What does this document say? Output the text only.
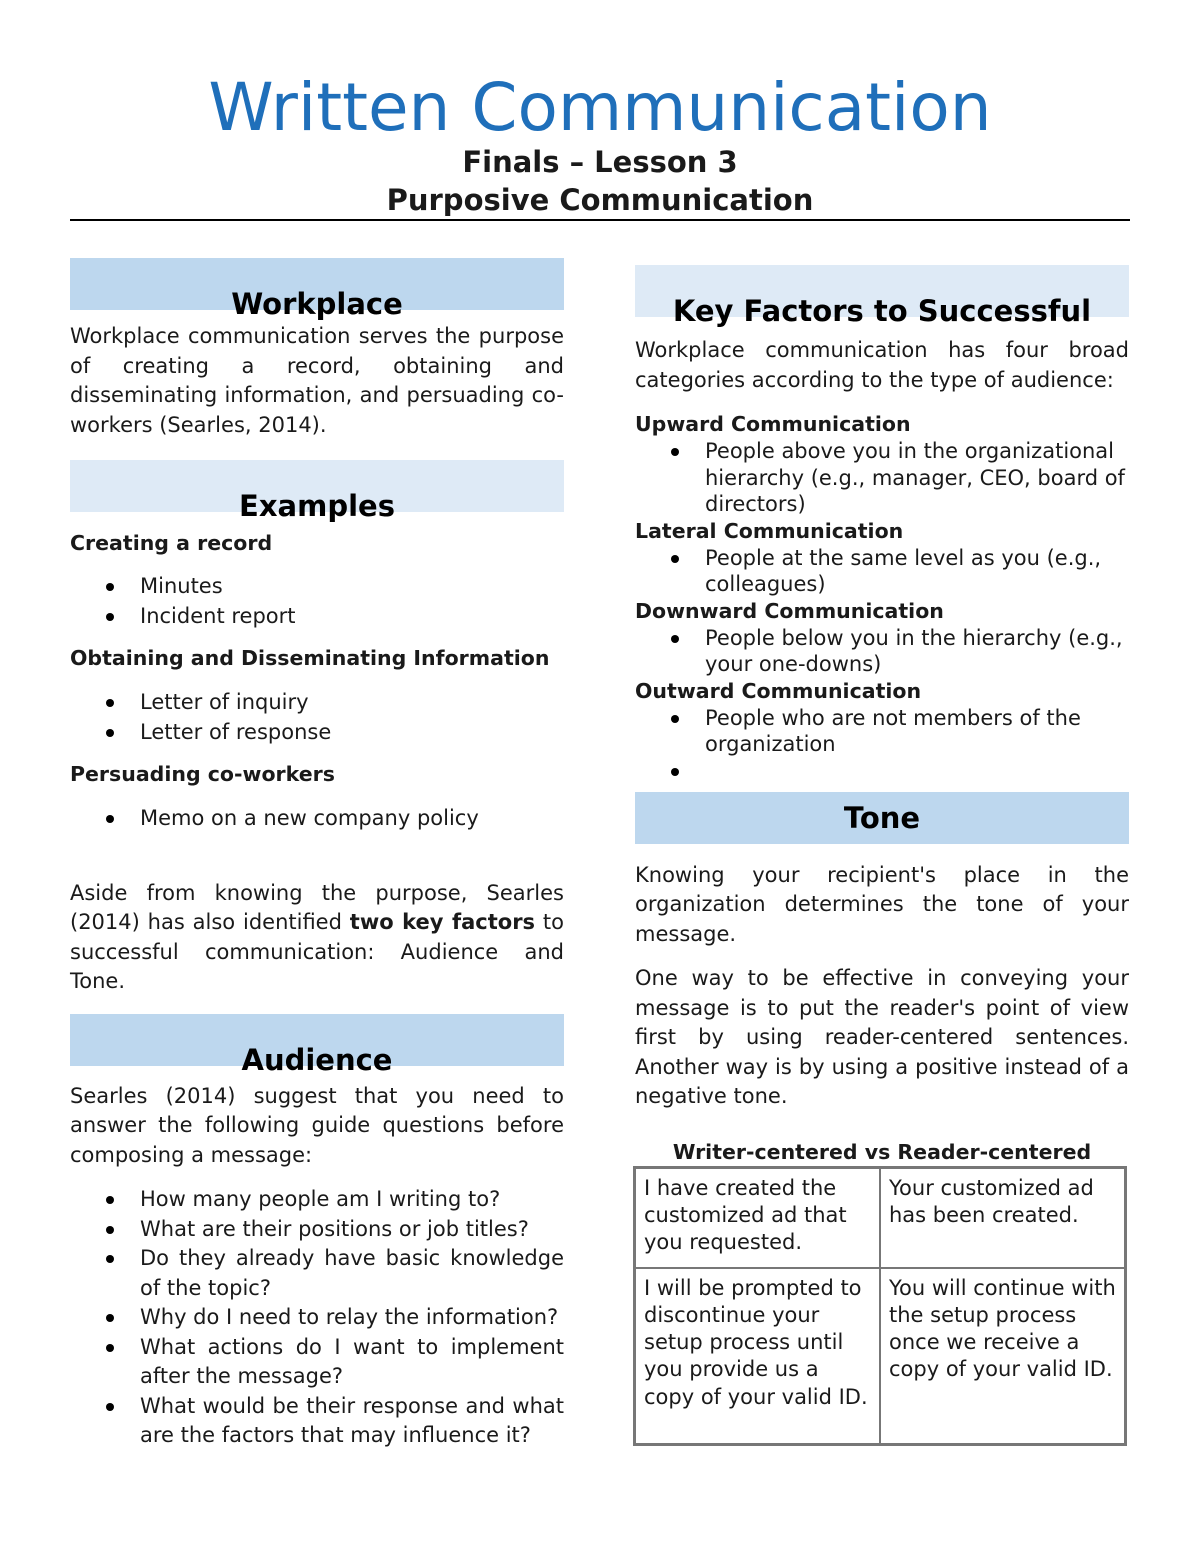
Written Communication
Finals – Lesson 3
Purposive Communication
Workplace

Workplace communication serves the purpose of creating a record, obtaining and disseminating information, and persuading co-workers (Searles, 2014).

Examples

Creating a record

Minutes
Incident report

Obtaining and Disseminating Information

Letter of inquiry
Letter of response

Persuading co-workers

Memo on a new company policy

Aside from knowing the purpose, Searles (2014) has also identified two key factors to successful communication: Audience and Tone.

Audience

Searles (2014) suggest that you need to answer the following guide questions before composing a message:

How many people am I writing to?
What are their positions or job titles?
Do they already have basic knowledge of the topic?
Why do I need to relay the information?
What actions do I want to implement after the message?
What would be their response and what are the factors that may influence it?
Key Factors to Successful

Workplace communication has four broad categories according to the type of audience:

Upward Communication

People above you in the organizational hierarchy (e.g., manager, CEO, board of directors)

Lateral Communication

People at the same level as you (e.g., colleagues)

Downward Communication

People below you in the hierarchy (e.g., your one-downs)

Outward Communication

People who are not members of the organization
Tone

Knowing your recipient's place in the organization determines the tone of your message.

One way to be effective in conveying your message is to put the reader's point of view first by using reader-centered sentences. Another way is by using a positive instead of a negative tone.

Writer-centered vs Reader-centered

I have created the customized ad that you requested.	Your customized ad has been created.
I will be prompted to discontinue your setup process until you provide us a copy of your valid ID.	You will continue with the setup process once we receive a copy of your valid ID.
